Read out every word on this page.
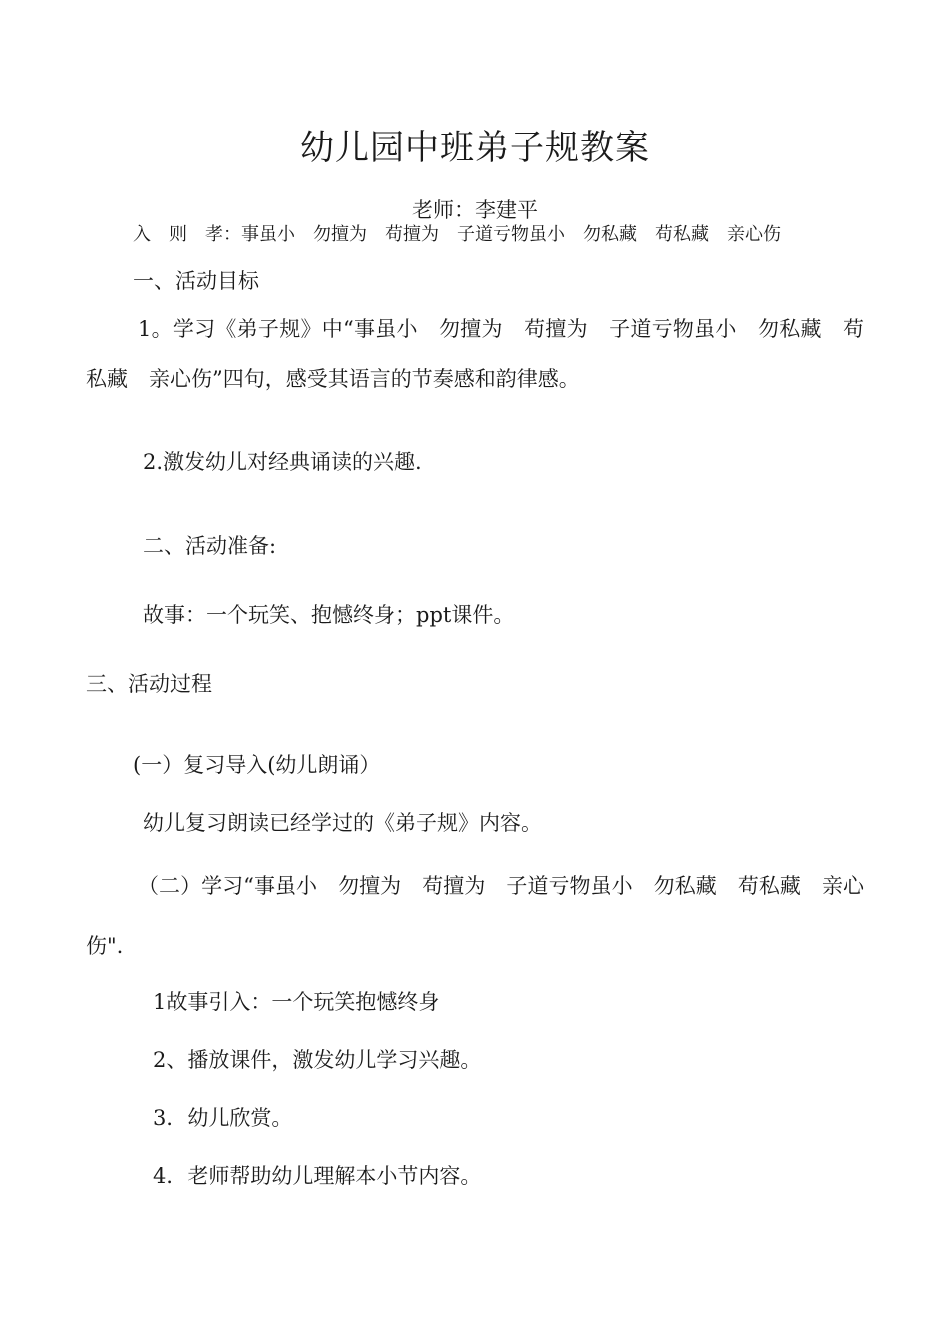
幼儿园中班弟子规教案
老师：李建平
入　则　孝：事虽小　勿擅为　苟擅为　子道亏物虽小　勿私藏　苟私藏　亲心伤
一、活动目标
1。学习《弟子规》中“事虽小　勿擅为　苟擅为　子道亏物虽小　勿私藏　苟私藏　亲心伤”四句，感受其语言的节奏感和韵律感。
2.激发幼儿对经典诵读的兴趣.
二、活动准备:
故事：一个玩笑、抱憾终身；ppt课件。
三、活动过程
(一）复习导入(幼儿朗诵）
幼儿复习朗读已经学过的《弟子规》内容。
（二）学习“事虽小　勿擅为　苟擅为　子道亏物虽小　勿私藏　苟私藏　亲心伤".
1故事引入：一个玩笑抱憾终身
2、播放课件，激发幼儿学习兴趣。
3．幼儿欣赏。
4．老师帮助幼儿理解本小节内容。
